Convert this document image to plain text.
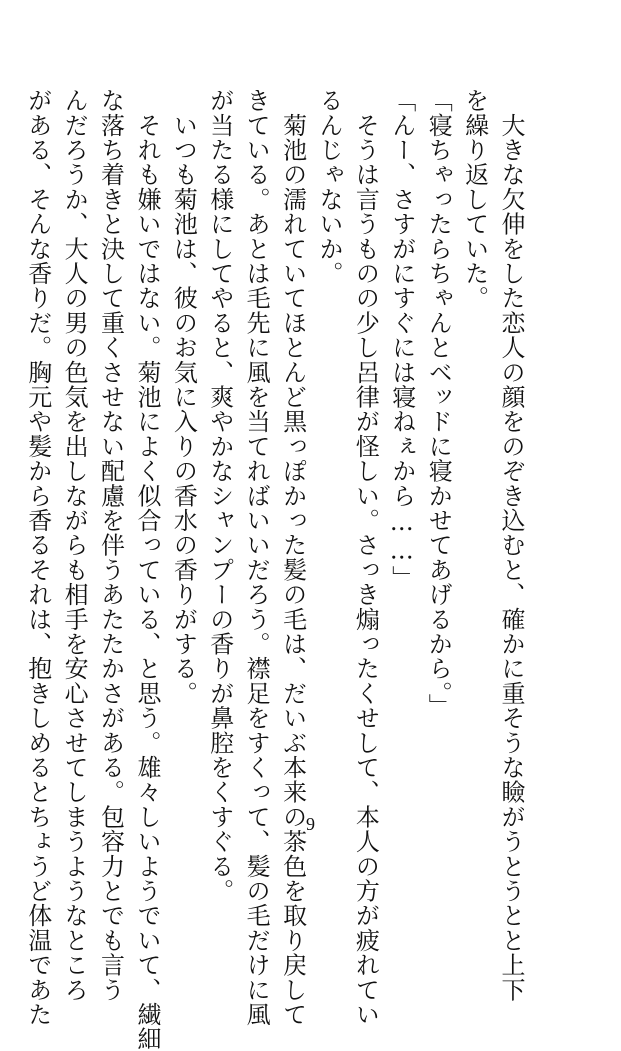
　大きな欠伸をした恋人の顔をのぞき込むと、確かに重そうな瞼がうとうとと上下
を繰り返していた。
「寝ちゃったらちゃんとベッドに寝かせてあげるから。」
「んー、さすがにすぐには寝ねぇから……」
　そうは言うものの少し呂律が怪しい。さっき煽ったくせして、本人の方が疲れてい
るんじゃないか。
　菊池の濡れていてほとんど黒っぽかった髪の毛は、だいぶ本来の茶色を取り戻して
きている。あとは毛先に風を当てればいいだろう。襟足をすくって、髪の毛だけに風
が当たる様にしてやると、爽やかなシャンプーの香りが鼻腔をくすぐる。
　いつも菊池は、彼のお気に入りの香水の香りがする。
　それも嫌いではない。菊池によく似合っている、と思う。雄々しいようでいて、繊細
な落ち着きと決して重くさせない配慮を伴うあたたかさがある。包容力とでも言う
んだろうか、大人の男の色気を出しながらも相手を安心させてしまうようなところ
がある、そんな香りだ。胸元や髪から香るそれは、抱きしめるとちょうど体温であた	9
